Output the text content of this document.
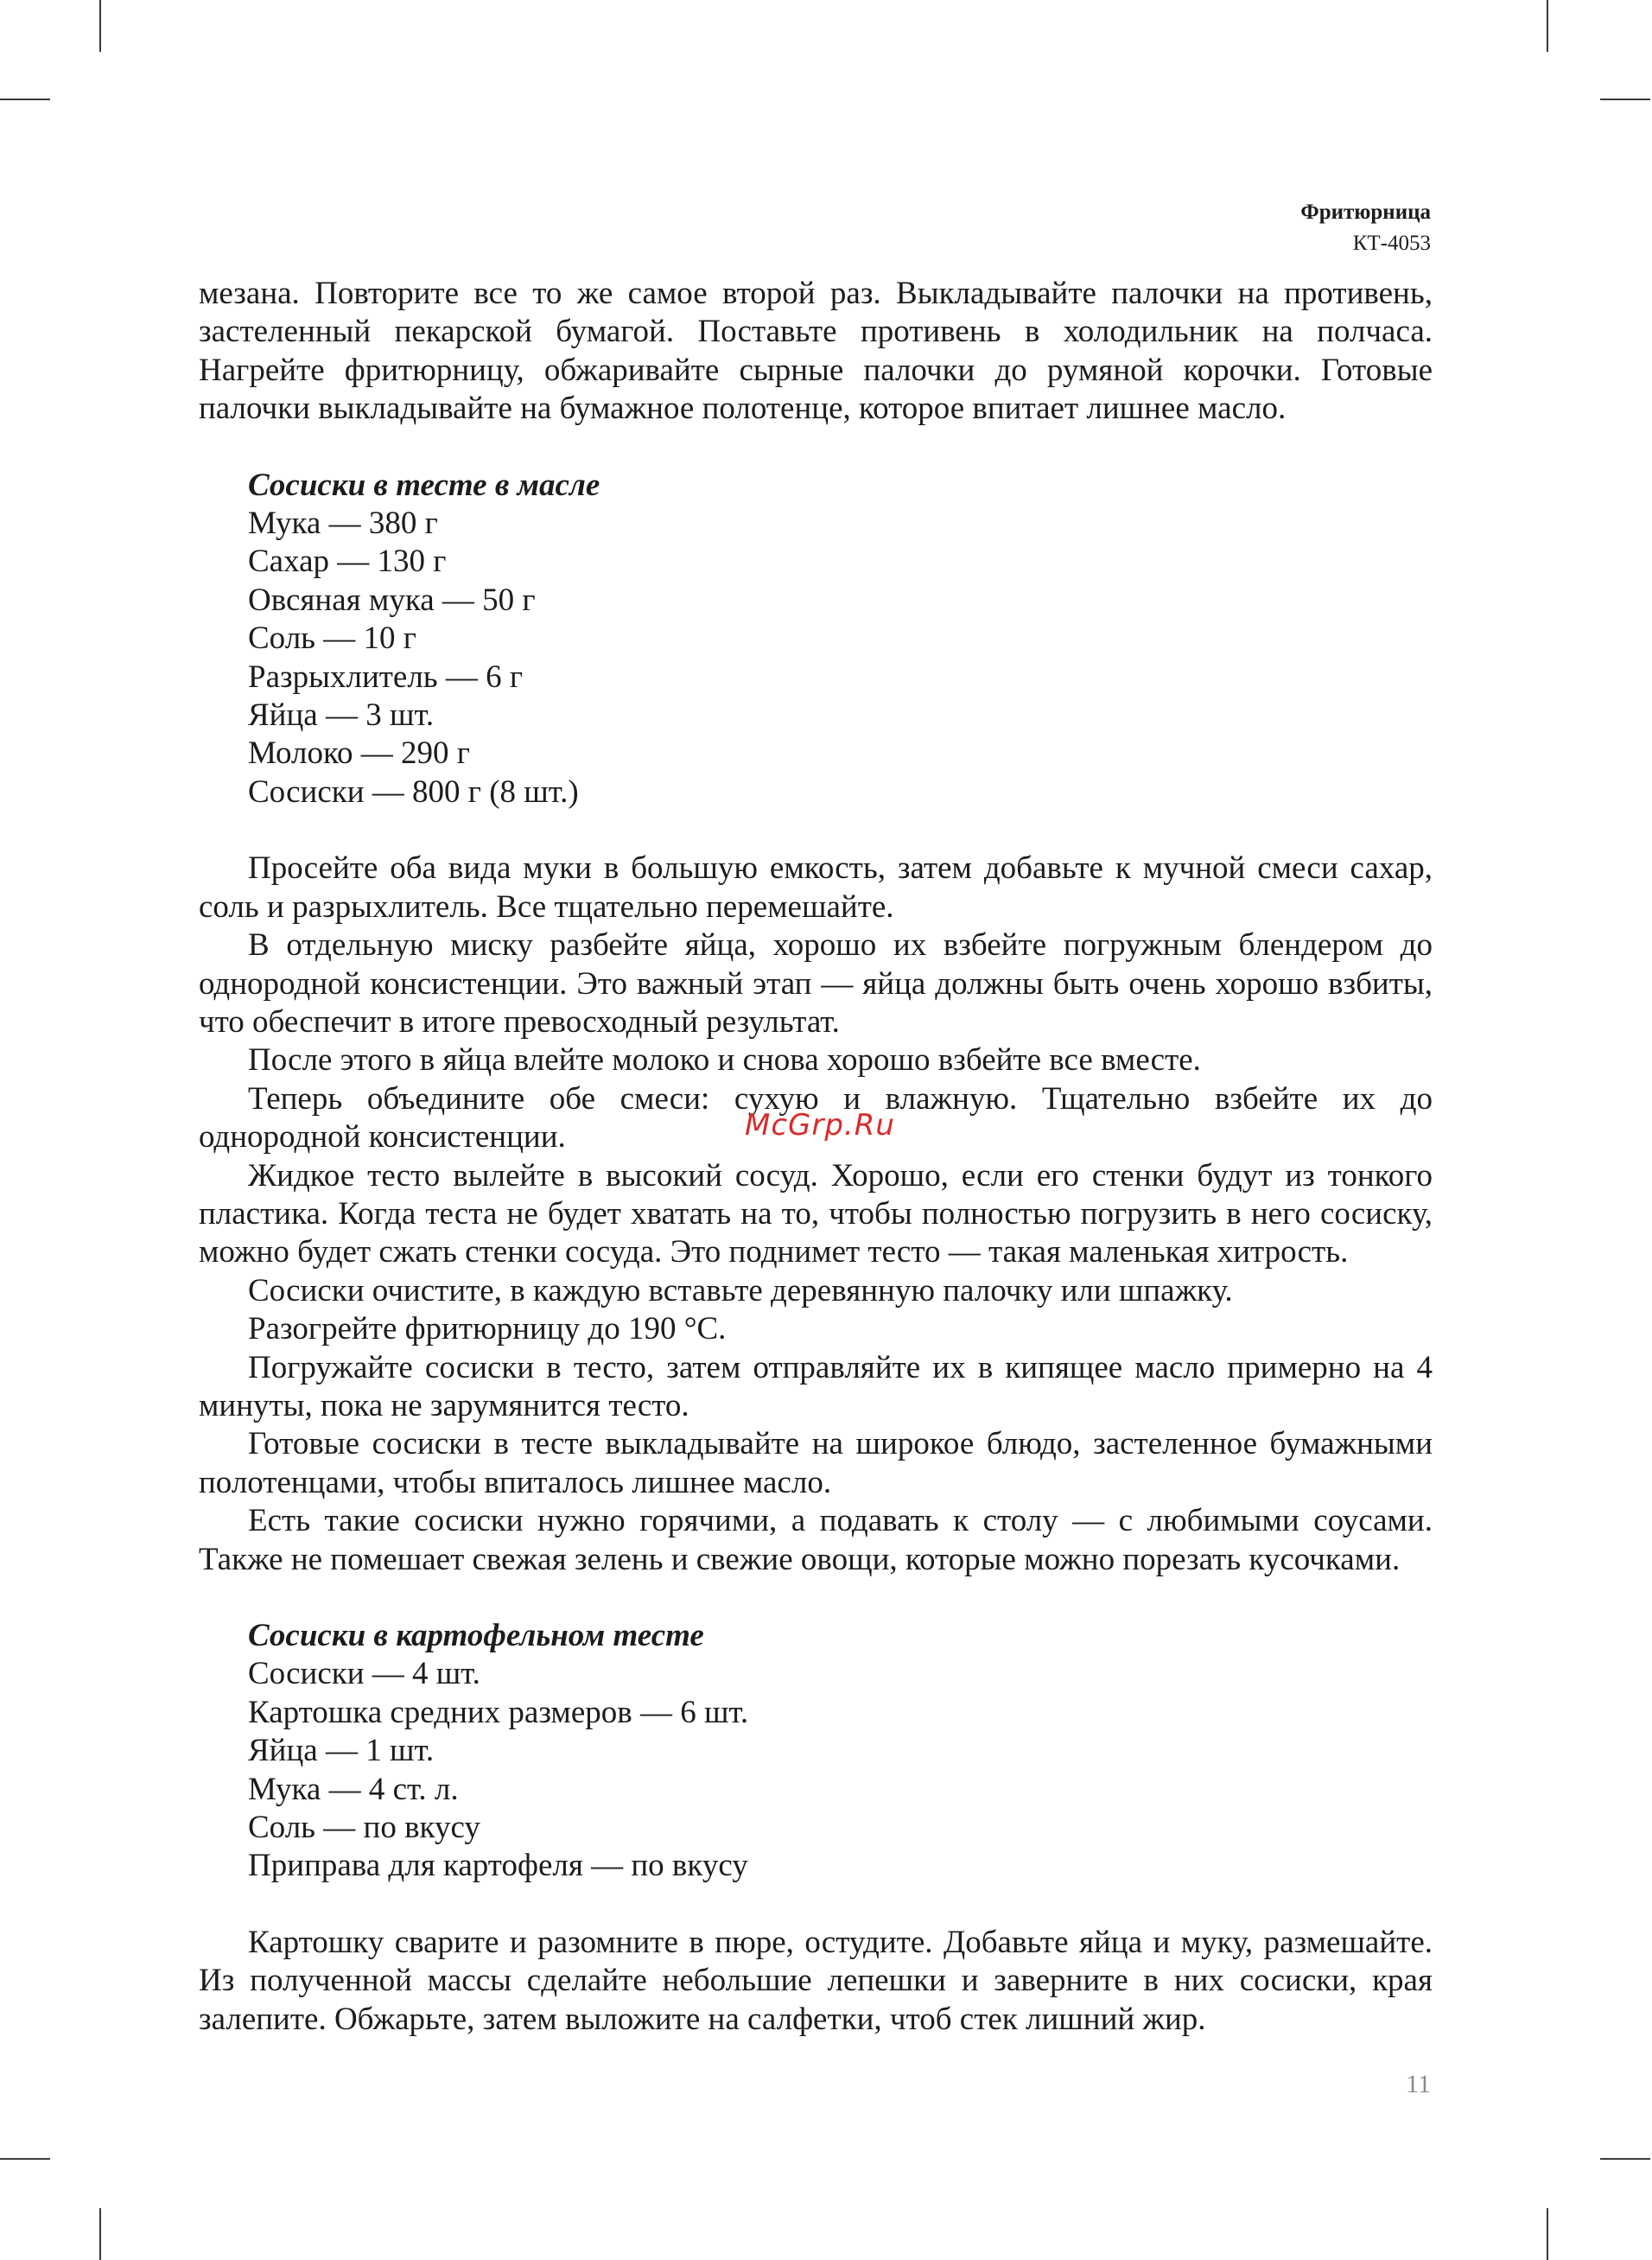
Фритюрница
КТ-4053

мезана. Повторите все то же самое второй раз. Выкладывайте палочки на противень, застеленный пекарской бумагой. Поставьте противень в холодильник на полчаса. Нагрейте фритюрницу, обжаривайте сырные палочки до румяной корочки. Готовые палочки выкладывайте на бумажное полотенце, которое впитает лишнее масло.

Сосиски в тесте в масле

Мука — 380 г
Сахар — 130 г
Овсяная мука — 50 г
Соль — 10 г
Разрыхлитель — 6 г
Яйца — 3 шт.
Молоко — 290 г
Сосиски — 800 г (8 шт.)

Просейте оба вида муки в большую емкость, затем добавьте к мучной смеси сахар, соль и разрыхлитель. Все тщательно перемешайте.

В отдельную миску разбейте яйца, хорошо их взбейте погружным блендером до однородной консистенции. Это важный этап — яйца должны быть очень хорошо взбиты, что обеспечит в итоге превосходный результат.

После этого в яйца влейте молоко и снова хорошо взбейте все вместе.

Теперь объедините обе смеси: сухую и влажную. Тщательно взбейте их до однородной консистенции.

Жидкое тесто вылейте в высокий сосуд. Хорошо, если его стенки будут из тонкого пластика. Когда теста не будет хватать на то, чтобы полностью погрузить в него сосиску, можно будет сжать стенки сосуда. Это поднимет тесто — такая маленькая хитрость.

Сосиски очистите, в каждую вставьте деревянную палочку или шпажку.

Разогрейте фритюрницу до 190 °C.

Погружайте сосиски в тесто, затем отправляйте их в кипящее масло примерно на 4 минуты, пока не зарумянится тесто.

Готовые сосиски в тесте выкладывайте на широкое блюдо, застеленное бумажными полотенцами, чтобы впиталось лишнее масло.

Есть такие сосиски нужно горячими, а подавать к столу — с любимыми соусами. Также не помешает свежая зелень и свежие овощи, которые можно порезать кусочками.

Сосиски в картофельном тесте

Сосиски — 4 шт.
Картошка средних размеров — 6 шт.
Яйца — 1 шт.
Мука — 4 ст. л.
Соль — по вкусу
Приправа для картофеля — по вкусу

Картошку сварите и разомните в пюре, остудите. Добавьте яйца и муку, размешайте. Из полученной массы сделайте небольшие лепешки и заверните в них сосиски, края залепите. Обжарьте, затем выложите на салфетки, чтоб стек лишний жир.

McGrp.Ru
11
